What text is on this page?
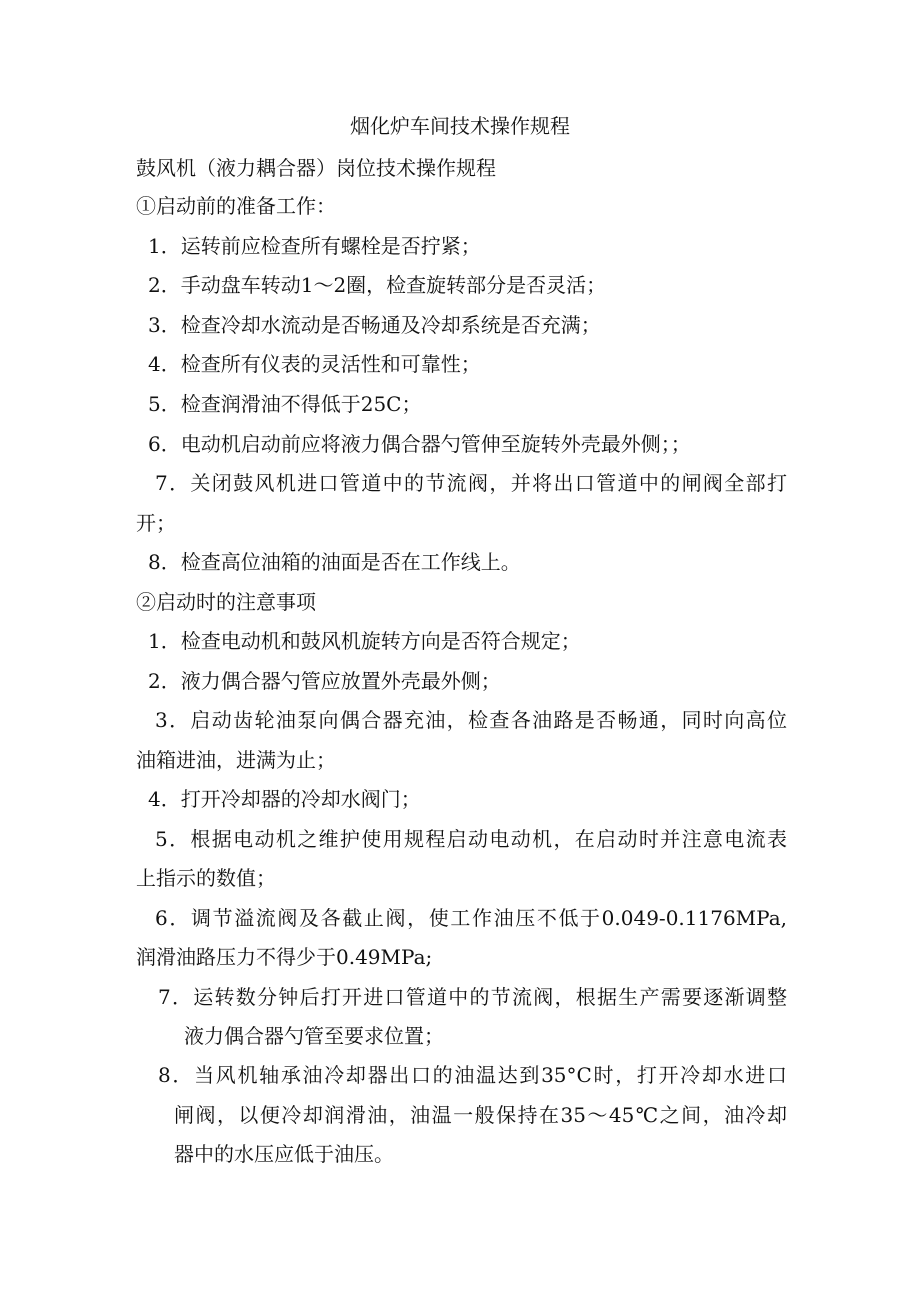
烟化炉车间技术操作规程
鼓风机（液力耦合器）岗位技术操作规程
①启动前的准备工作：
1．运转前应检查所有螺栓是否拧紧；
2．手动盘车转动1～2圈，检查旋转部分是否灵活；
3．检查冷却水流动是否畅通及冷却系统是否充满；
4．检查所有仪表的灵活性和可靠性；
5．检查润滑油不得低于25C；
6．电动机启动前应将液力偶合器勺管伸至旋转外壳最外侧；；
7．关闭鼓风机进口管道中的节流阀，并将出口管道中的闸阀全部打
开；
8．检查高位油箱的油面是否在工作线上。
②启动时的注意事项
1．检查电动机和鼓风机旋转方向是否符合规定；
2．液力偶合器勺管应放置外壳最外侧；
3．启动齿轮油泵向偶合器充油，检查各油路是否畅通，同时向高位
油箱进油，进满为止；
4．打开冷却器的冷却水阀门；
5．根据电动机之维护使用规程启动电动机，在启动时并注意电流表
上指示的数值；
6．调节溢流阀及各截止阀，使工作油压不低于0.049-0.1176MPa,
润滑油路压力不得少于0.49MPa;
7．运转数分钟后打开进口管道中的节流阀，根据生产需要逐渐调整
液力偶合器勺管至要求位置；
8．当风机轴承油冷却器出口的油温达到35°C时，打开冷却水进口
闸阀，以便冷却润滑油，油温一般保持在35～45℃之间，油冷却
器中的水压应低于油压。
